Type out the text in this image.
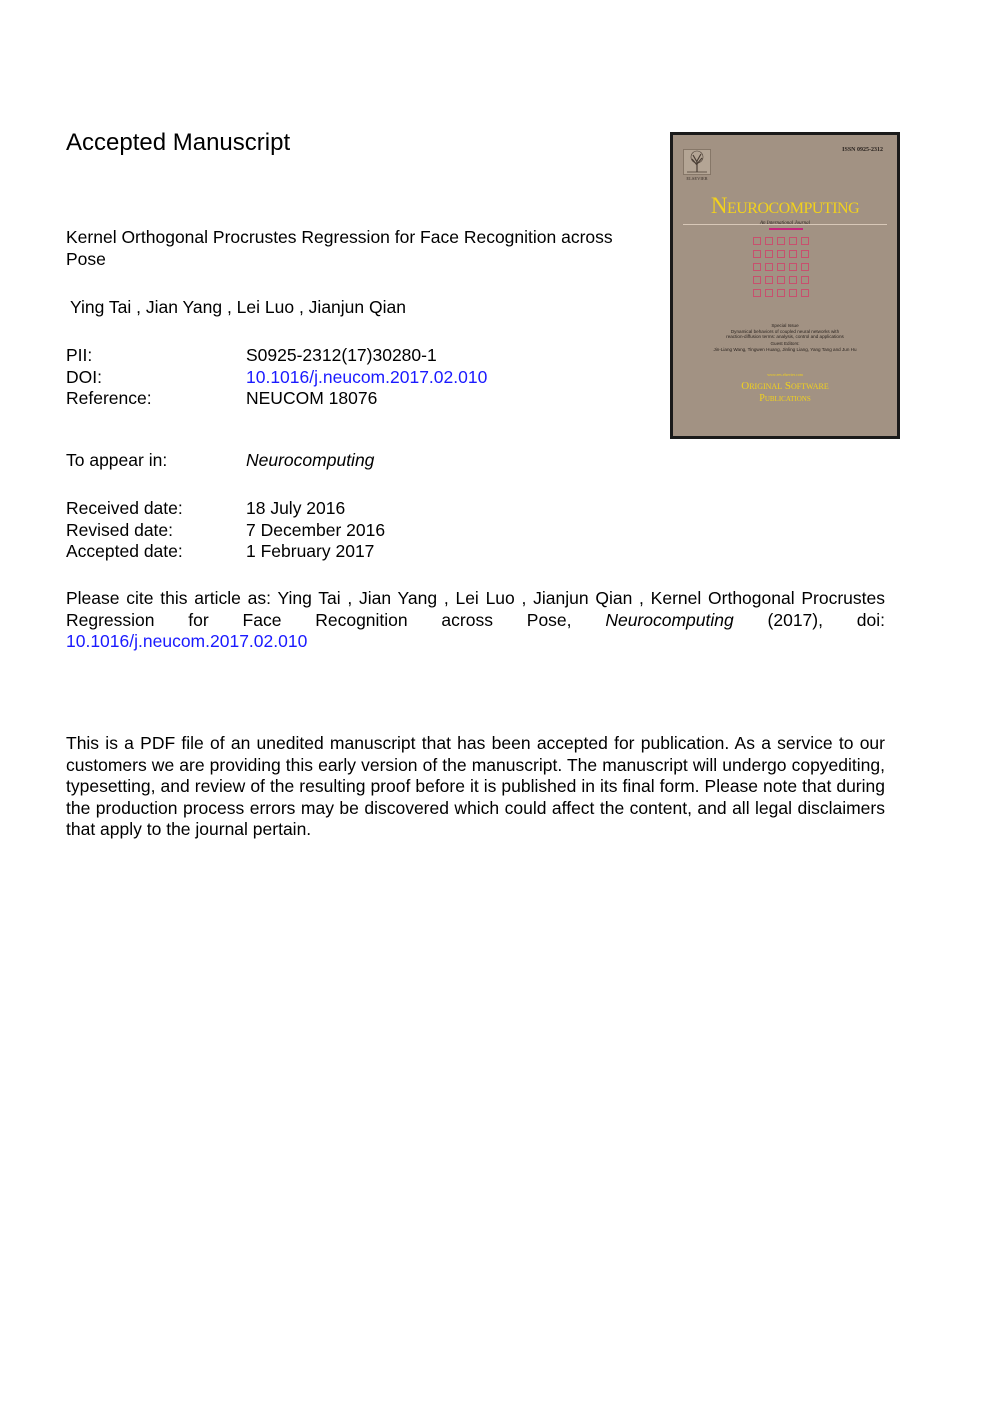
Accepted Manuscript
Kernel Orthogonal Procrustes Regression for Face Recognition across Pose
Ying Tai , Jian Yang , Lei Luo , Jianjun Qian
PII:	S0925-2312(17)30280-1
DOI:	10.1016/j.neucom.2017.02.010
Reference:	NEUCOM 18076
To appear in:	Neurocomputing
Received date:	18 July 2016
Revised date:	7 December 2016
Accepted date:	1 February 2017
Please cite this article as: Ying Tai , Jian Yang , Lei Luo , Jianjun Qian , Kernel Orthogonal Procrustes Regression for Face Recognition across Pose, Neurocomputing (2017), doi: 10.1016/j.neucom.2017.02.010
This is a PDF file of an unedited manuscript that has been accepted for publication. As a service to our customers we are providing this early version of the manuscript. The manuscript will undergo copyediting, typesetting, and review of the resulting proof before it is published in its final form. Please note that during the production process errors may be discovered which could affect the content, and all legal disclaimers that apply to the journal pertain.
ISSN 0925-2312
ELSEVIER
Neurocomputing
An International Journal
Special Issue
Dynamical behaviors of coupled neural networks with
reaction-diffusion terms: analysis, control and applications
Guest Editors:
Jin-Liang Wang, Tingwen Huang, Jinling Liang, Yang Tang and Jun Hu
www.ees.elsevier.com
Original Software
Publications
